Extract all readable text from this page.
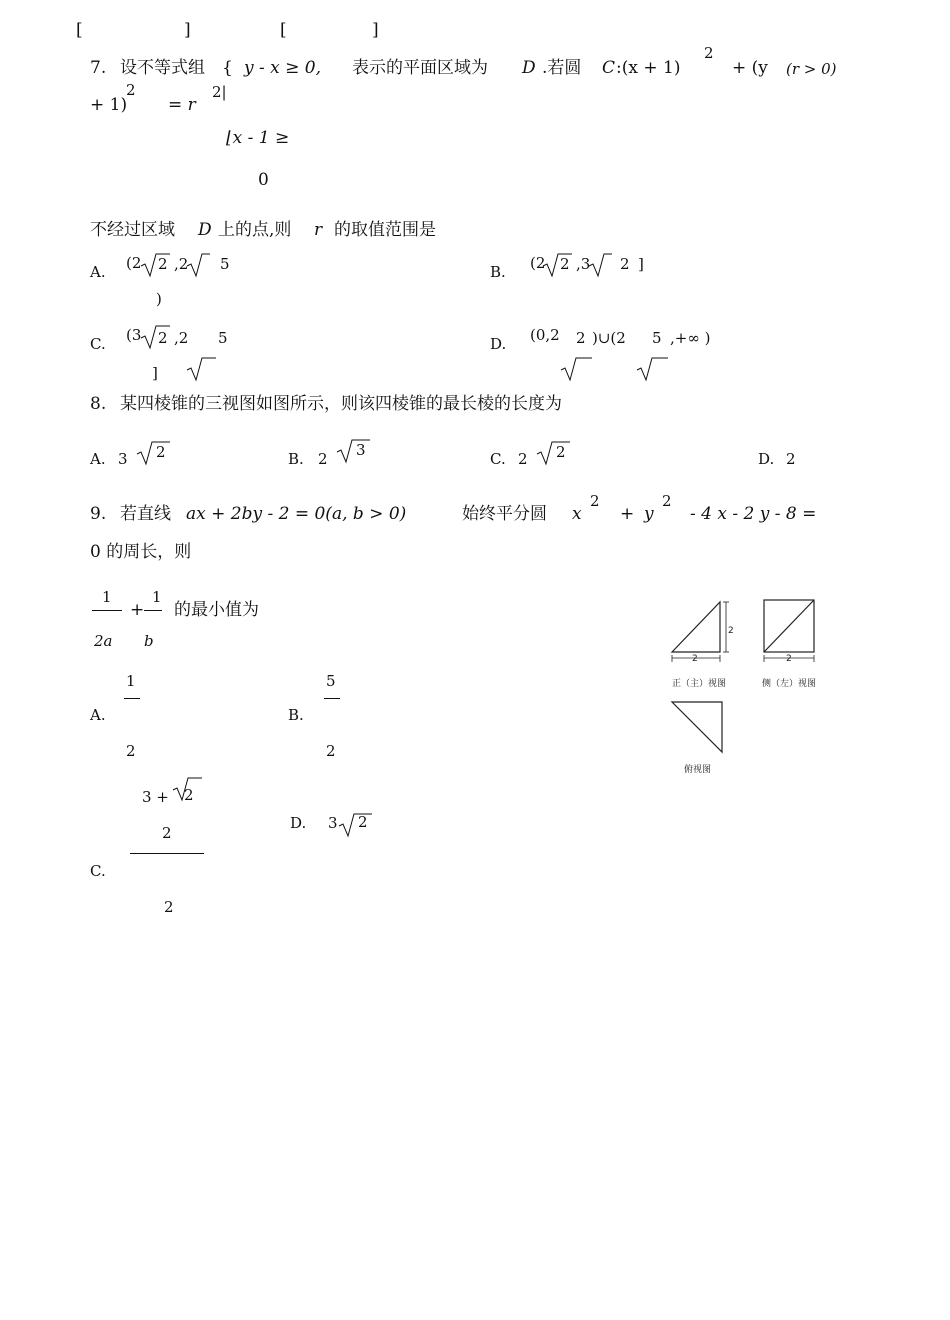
[	]	[	]
7. 设不等式组 { y - x ≥ 0, 表示的平面区域为 D .若圆 C :(x + 1)
2
+ (y (r > 0)
+ 1)
2
= r
2|
⌊x - 1 ≥
0
不经过区域 D 上的点,则 r 的取值范围是
A. (2 2 ,2 5
)
B. (2 2 ,3 2 ]
C. (3 2 ,2 5
]
D. (0,2 2 )∪(2 5 ,+∞ )
8. 某四棱锥的三视图如图所示，则该四棱锥的最长棱的长度为
A. 3 2	B. 2 3	C. 2 2	D. 2
9. 若直线 ax + 2by - 2 = 0(a, b > 0)	始终平分圆 x
2
+ y
2
- 4 x - 2 y - 8 =
0 的周长，则
1
2a
+
1
b
的最小值为
1
A.
2
5
B.
2
3 + 2
2
C.
2
D. 3 2
2
2
正（主）视图
2
侧（左）视图
俯视图
